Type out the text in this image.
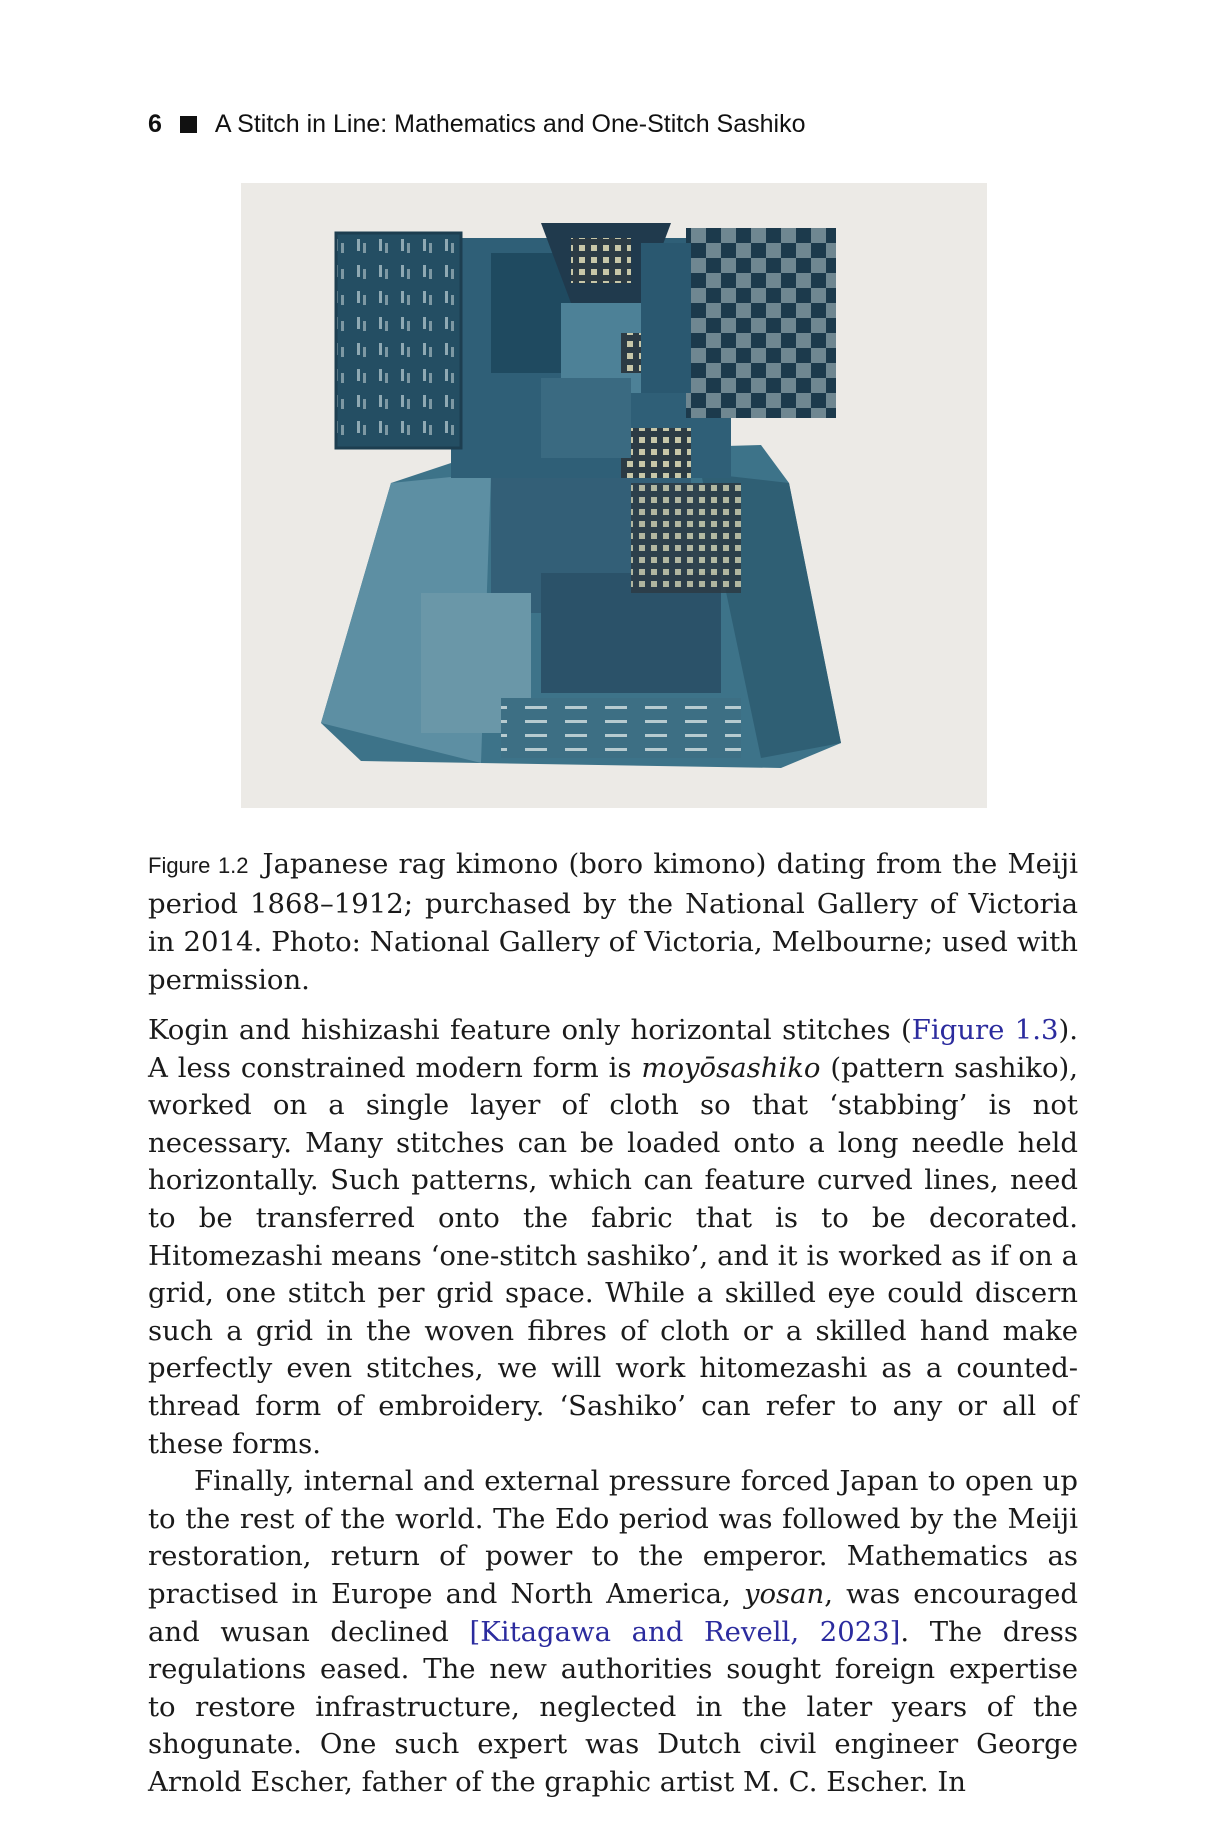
6 A Stitch in Line: Mathematics and One-Stitch Sashiko
Figure 1.2 Japanese rag kimono (boro kimono) dating from the Meiji period 1868–1912; purchased by the National Gallery of Victoria in 2014. Photo: National Gallery of Victoria, Melbourne; used with permission.

Kogin and hishizashi feature only horizontal stitches (Figure 1.3). A less constrained modern form is moyōsashiko (pattern sashiko), worked on a single layer of cloth so that ‘stabbing’ is not necessary. Many stitches can be loaded onto a long needle held horizontally. Such patterns, which can feature curved lines, need to be transferred onto the fabric that is to be decorated. Hitomezashi means ‘one-stitch sashiko’, and it is worked as if on a grid, one stitch per grid space. While a skilled eye could discern such a grid in the woven fibres of cloth or a skilled hand make perfectly even stitches, we will work hitomezashi as a counted-thread form of embroidery. ‘Sashiko’ can refer to any or all of these forms.

Finally, internal and external pressure forced Japan to open up to the rest of the world. The Edo period was followed by the Meiji restoration, return of power to the emperor. Mathematics as practised in Europe and North America, yosan, was encouraged and wusan declined [Kitagawa and Revell, 2023]. The dress regulations eased. The new authorities sought foreign expertise to restore infrastructure, neglected in the later years of the shogunate. One such expert was Dutch civil engineer George Arnold Escher, father of the graphic artist M. C. Escher. In
